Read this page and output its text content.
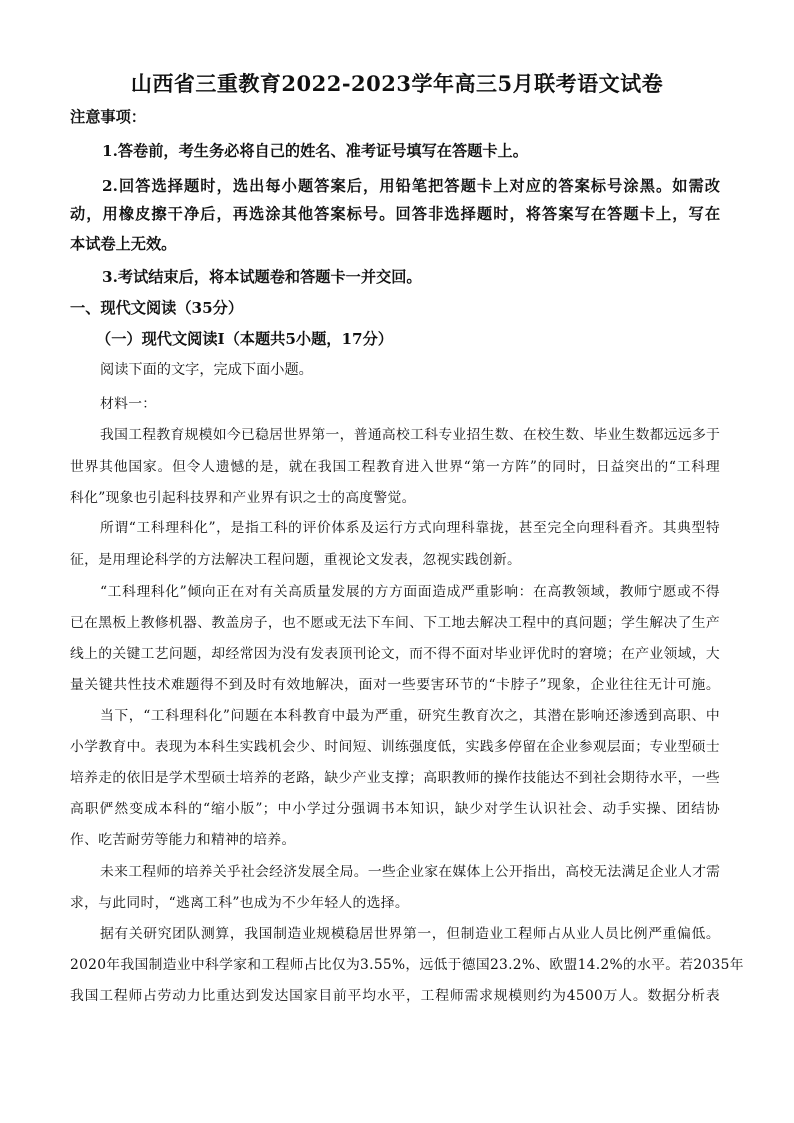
山西省三重教育2022-2023学年高三5月联考语文试卷
注意事项：
1.答卷前，考生务必将自己的姓名、准考证号填写在答题卡上。
2.回答选择题时，选出每小题答案后，用铅笔把答题卡上对应的答案标号涂黑。如需改
动，用橡皮擦干净后，再选涂其他答案标号。回答非选择题时，将答案写在答题卡上，写在
本试卷上无效。
3.考试结束后，将本试题卷和答题卡一并交回。
一、现代文阅读（35分）
（一）现代文阅读Ⅰ（本题共5小题，17分）
阅读下面的文字，完成下面小题。
材料一：
我国工程教育规模如今已稳居世界第一，普通高校工科专业招生数、在校生数、毕业生数都远远多于
世界其他国家。但令人遗憾的是，就在我国工程教育进入世界“第一方阵”的同时，日益突出的“工科理
科化”现象也引起科技界和产业界有识之士的高度警觉。
所谓“工科理科化”，是指工科的评价体系及运行方式向理科靠拢，甚至完全向理科看齐。其典型特
征，是用理论科学的方法解决工程问题，重视论文发表，忽视实践创新。
“工科理科化”倾向正在对有关高质量发展的方方面面造成严重影响：在高教领域，教师宁愿或不得
已在黑板上教修机器、教盖房子，也不愿或无法下车间、下工地去解决工程中的真问题；学生解决了生产
线上的关键工艺问题，却经常因为没有发表顶刊论文，而不得不面对毕业评优时的窘境；在产业领域，大
量关键共性技术难题得不到及时有效地解决，面对一些要害环节的“卡脖子”现象，企业往往无计可施。
当下，“工科理科化”问题在本科教育中最为严重，研究生教育次之，其潜在影响还渗透到高职、中
小学教育中。表现为本科生实践机会少、时间短、训练强度低，实践多停留在企业参观层面；专业型硕士
培养走的依旧是学术型硕士培养的老路，缺少产业支撑；高职教师的操作技能达不到社会期待水平，一些
高职俨然变成本科的“缩小版”；中小学过分强调书本知识，缺少对学生认识社会、动手实操、团结协
作、吃苦耐劳等能力和精神的培养。
未来工程师的培养关乎社会经济发展全局。一些企业家在媒体上公开指出，高校无法满足企业人才需
求，与此同时，“逃离工科”也成为不少年轻人的选择。
据有关研究团队测算，我国制造业规模稳居世界第一，但制造业工程师占从业人员比例严重偏低。
2020年我国制造业中科学家和工程师占比仅为3.55%，远低于德国23.2%、欧盟14.2%的水平。若2035年
我国工程师占劳动力比重达到发达国家目前平均水平，工程师需求规模则约为4500万人。数据分析表
